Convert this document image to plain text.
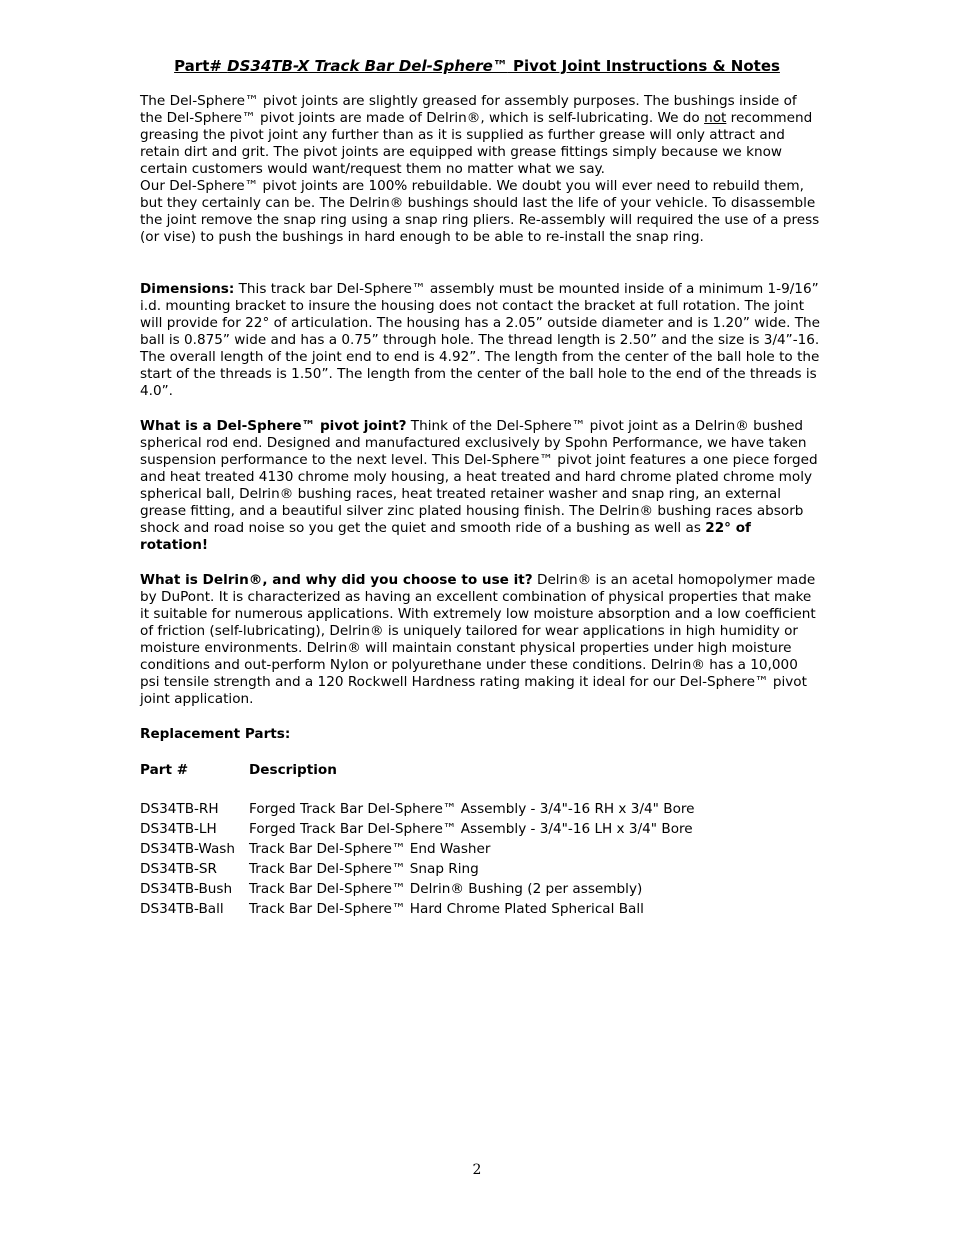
Part# DS34TB-X Track Bar Del-Sphere™ Pivot Joint Instructions & Notes

The Del-Sphere™ pivot joints are slightly greased for assembly purposes. The bushings inside of the Del-Sphere™ pivot joints are made of Delrin®, which is self-lubricating. We do not recommend greasing the pivot joint any further than as it is supplied as further grease will only attract and retain dirt and grit. The pivot joints are equipped with grease fittings simply because we know certain customers would want/request them no matter what we say.

Our Del-Sphere™ pivot joints are 100% rebuildable. We doubt you will ever need to rebuild them, but they certainly can be. The Delrin® bushings should last the life of your vehicle. To disassemble the joint remove the snap ring using a snap ring pliers. Re-assembly will required the use of a press (or vise) to push the bushings in hard enough to be able to re-install the snap ring.

Dimensions: This track bar Del-Sphere™ assembly must be mounted inside of a minimum 1-9/16” i.d. mounting bracket to insure the housing does not contact the bracket at full rotation. The joint will provide for 22° of articulation. The housing has a 2.05” outside diameter and is 1.20” wide. The ball is 0.875” wide and has a 0.75” through hole. The thread length is 2.50” and the size is 3/4”-16. The overall length of the joint end to end is 4.92”. The length from the center of the ball hole to the start of the threads is 1.50”. The length from the center of the ball hole to the end of the threads is 4.0”.

What is a Del-Sphere™ pivot joint? Think of the Del-Sphere™ pivot joint as a Delrin® bushed spherical rod end. Designed and manufactured exclusively by Spohn Performance, we have taken suspension performance to the next level. This Del-Sphere™ pivot joint features a one piece forged and heat treated 4130 chrome moly housing, a heat treated and hard chrome plated chrome moly spherical ball, Delrin® bushing races, heat treated retainer washer and snap ring, an external grease fitting, and a beautiful silver zinc plated housing finish. The Delrin® bushing races absorb shock and road noise so you get the quiet and smooth ride of a bushing as well as 22° of rotation!

What is Delrin®, and why did you choose to use it? Delrin® is an acetal homopolymer made by DuPont. It is characterized as having an excellent combination of physical properties that make it suitable for numerous applications. With extremely low moisture absorption and a low coefficient of friction (self-lubricating), Delrin® is uniquely tailored for wear applications in high humidity or moisture environments. Delrin® will maintain constant physical properties under high moisture conditions and out-perform Nylon or polyurethane under these conditions. Delrin® has a 10,000 psi tensile strength and a 120 Rockwell Hardness rating making it ideal for our Del-Sphere™ pivot joint application.

Replacement Parts:

Part #	Description
DS34TB-RH Forged Track Bar Del-Sphere™ Assembly - 3/4"-16 RH x 3/4" Bore
DS34TB-LH Forged Track Bar Del-Sphere™ Assembly - 3/4"-16 LH x 3/4" Bore
DS34TB-Wash Track Bar Del-Sphere™ End Washer
DS34TB-SR Track Bar Del-Sphere™ Snap Ring
DS34TB-Bush Track Bar Del-Sphere™ Delrin® Bushing (2 per assembly)
DS34TB-Ball Track Bar Del-Sphere™ Hard Chrome Plated Spherical Ball
2
